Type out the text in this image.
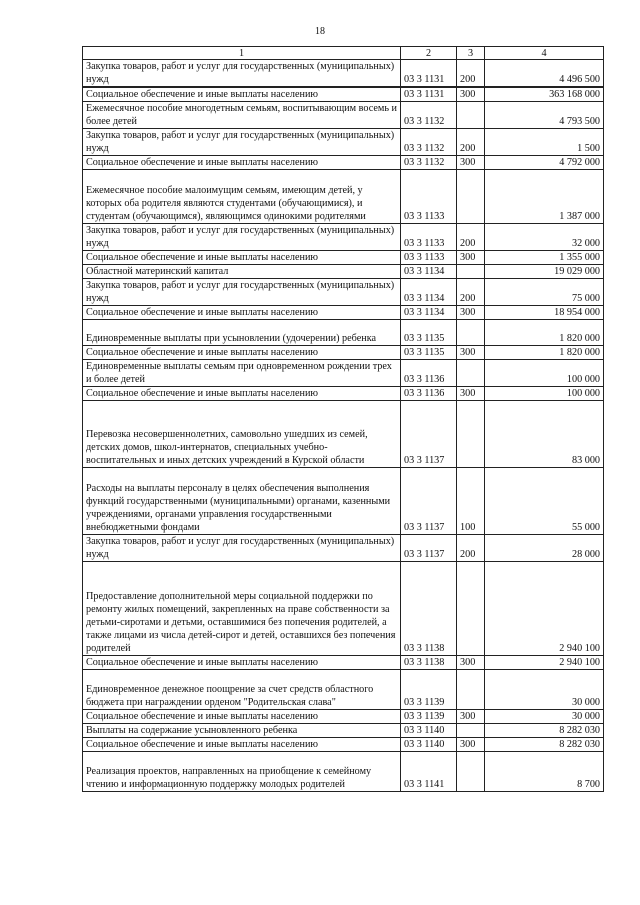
18
1	2	3	4
Закупка товаров, работ и услуг для государственных (муниципальных) нужд	03 3 1131	200	4 496 500
Социальное обеспечение и иные выплаты населению	03 3 1131	300	363 168 000
Ежемесячное пособие многодетным семьям, воспитывающим восемь и более детей	03 3 1132		4 793 500
Закупка товаров, работ и услуг для государственных (муниципальных) нужд	03 3 1132	200	1 500
Социальное обеспечение и иные выплаты населению	03 3 1132	300	4 792 000
Ежемесячное пособие малоимущим семьям, имеющим детей, у которых оба родителя являются студентами (обучающимися), и студентам (обучающимся), являющимся одинокими родителями	03 3 1133		1 387 000
Закупка товаров, работ и услуг для государственных (муниципальных) нужд	03 3 1133	200	32 000
Социальное обеспечение и иные выплаты населению	03 3 1133	300	1 355 000
Областной материнский капитал	03 3 1134		19 029 000
Закупка товаров, работ и услуг для государственных (муниципальных) нужд	03 3 1134	200	75 000
Социальное обеспечение и иные выплаты населению	03 3 1134	300	18 954 000
Единовременные выплаты при усыновлении (удочерении) ребенка	03 3 1135		1 820 000
Социальное обеспечение и иные выплаты населению	03 3 1135	300	1 820 000
Единовременные выплаты семьям при одновременном рождении трех и более детей	03 3 1136		100 000
Социальное обеспечение и иные выплаты населению	03 3 1136	300	100 000
Перевозка несовершеннолетних, самовольно ушедших из семей, детских домов, школ-интернатов, специальных учебно-воспитательных и иных детских учреждений в Курской области	03 3 1137		83 000
Расходы на выплаты персоналу в целях обеспечения выполнения функций государственными (муниципальными) органами, казенными учреждениями, органами управления государственными внебюджетными фондами	03 3 1137	100	55 000
Закупка товаров, работ и услуг для государственных (муниципальных) нужд	03 3 1137	200	28 000
Предоставление дополнительной меры социальной поддержки по ремонту жилых помещений, закрепленных на праве собственности за детьми-сиротами и детьми, оставшимися без попечения родителей, а также лицами из числа детей-сирот и детей, оставшихся без попечения родителей	03 3 1138		2 940 100
Социальное обеспечение и иные выплаты населению	03 3 1138	300	2 940 100
Единовременное денежное поощрение за счет средств областного бюджета при награждении орденом "Родительская слава"	03 3 1139		30 000
Социальное обеспечение и иные выплаты населению	03 3 1139	300	30 000
Выплаты на содержание усыновленного ребенка	03 3 1140		8 282 030
Социальное обеспечение и иные выплаты населению	03 3 1140	300	8 282 030
Реализация проектов, направленных на приобщение к семейному чтению и информационную поддержку молодых родителей	03 3 1141		8 700
